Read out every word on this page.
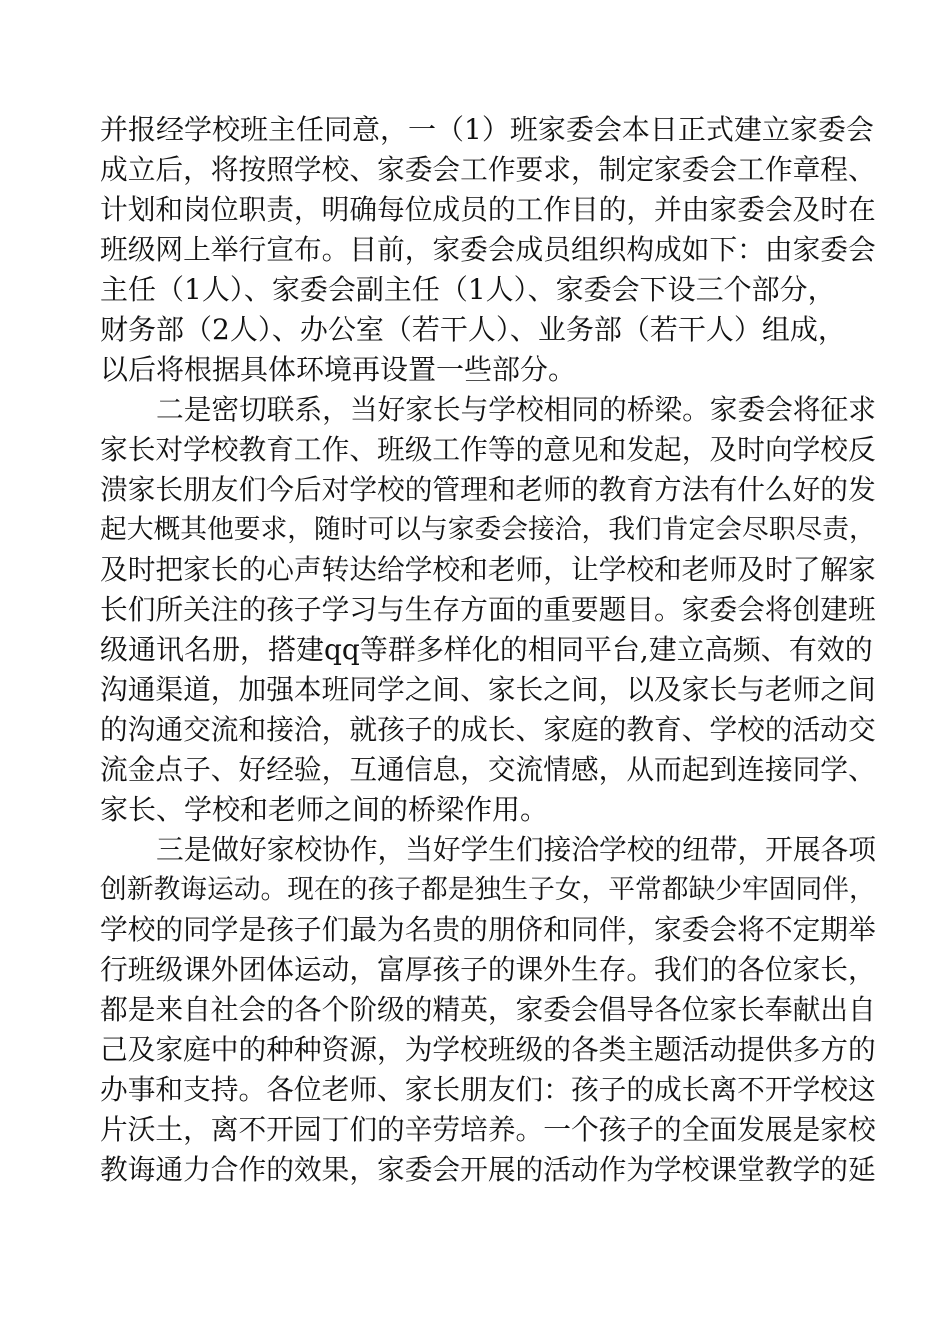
并报经学校班主任同意，一（1）班家委会本日正式建立家委会
成立后，将按照学校、家委会工作要求，制定家委会工作章程、
计划和岗位职责，明确每位成员的工作目的，并由家委会及时在
班级网上举行宣布。目前，家委会成员组织构成如下：由家委会
主任（1人）、家委会副主任（1人）、家委会下设三个部分，
财务部（2人）、办公室（若干人）、业务部（若干人）组成，
以后将根据具体环境再设置一些部分。
二是密切联系，当好家长与学校相同的桥梁。家委会将征求
家长对学校教育工作、班级工作等的意见和发起，及时向学校反
溃家长朋友们今后对学校的管理和老师的教育方法有什么好的发
起大概其他要求，随时可以与家委会接洽，我们肯定会尽职尽责，
及时把家长的心声转达给学校和老师，让学校和老师及时了解家
长们所关注的孩子学习与生存方面的重要题目。家委会将创建班
级通讯名册，搭建qq等群多样化的相同平台,建立高频、有效的
沟通渠道，加强本班同学之间、家长之间，以及家长与老师之间
的沟通交流和接洽，就孩子的成长、家庭的教育、学校的活动交
流金点子、好经验，互通信息，交流情感，从而起到连接同学、
家长、学校和老师之间的桥梁作用。
三是做好家校协作，当好学生们接洽学校的纽带，开展各项
创新教诲运动。现在的孩子都是独生子女，平常都缺少牢固同伴，
学校的同学是孩子们最为名贵的朋侪和同伴，家委会将不定期举
行班级课外团体运动，富厚孩子的课外生存。我们的各位家长，
都是来自社会的各个阶级的精英，家委会倡导各位家长奉献出自
己及家庭中的种种资源，为学校班级的各类主题活动提供多方的
办事和支持。各位老师、家长朋友们：孩子的成长离不开学校这
片沃土，离不开园丁们的辛劳培养。一个孩子的全面发展是家校
教诲通力合作的效果，家委会开展的活动作为学校课堂教学的延
